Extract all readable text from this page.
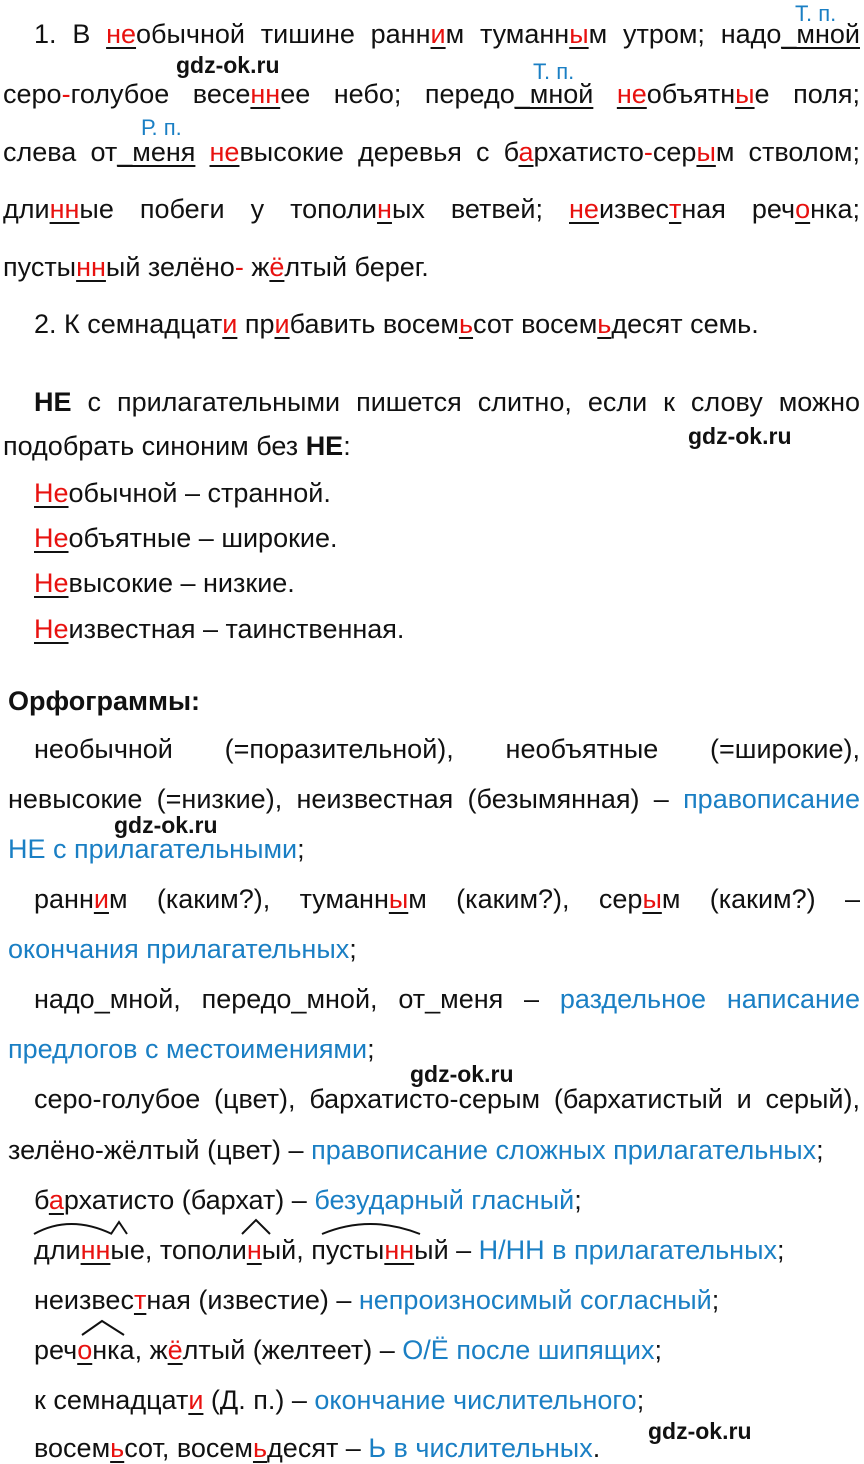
Т. п.
1. В необычной тишине ранним туманным утром; надо_мной
gdz-ok.ru	Т. п.
серо-голубое весеннее небо; передо_мной необъятные поля;
Р. п.
слева от_меня невысокие деревья с бархатисто-серым стволом;
длинные побеги у тополиных ветвей; неизвестная речонка;
пустынный зелёно- жёлтый берег.
2. К семнадцати прибавить восемьсот восемьдесят семь.
НЕ с прилагательными пишется слитно, если к слову можно
подобрать синоним без НЕ:	gdz-ok.ru
Необычной – странной.
Необъятные – широкие.
Невысокие – низкие.
Неизвестная – таинственная.
Орфограммы:
необычной (=поразительной), необъятные (=широкие),
невысокие (=низкие), неизвестная (безымянная) – правописание
gdz-ok.ru
НЕ с прилагательными;
ранним (каким?), туманным (каким?), серым (каким?) –
окончания прилагательных;
надо_мной, передо_мной, от_меня – раздельное написание
предлогов с местоимениями;
gdz-ok.ru
серо-голубое (цвет), бархатисто-серым (бархатистый и серый),
зелёно-жёлтый (цвет) – правописание сложных прилагательных;
бархатисто (бархат) – безударный гласный;
длинные, тополиный, пустынный – Н/НН в прилагательных;
неизвестная (известие) – непроизносимый согласный;
речонка, жёлтый (желтеет) – О/Ё после шипящих;
к семнадцати (Д. п.) – окончание числительного;
gdz-ok.ru
восемьсот, восемьдесят – Ь в числительных.
